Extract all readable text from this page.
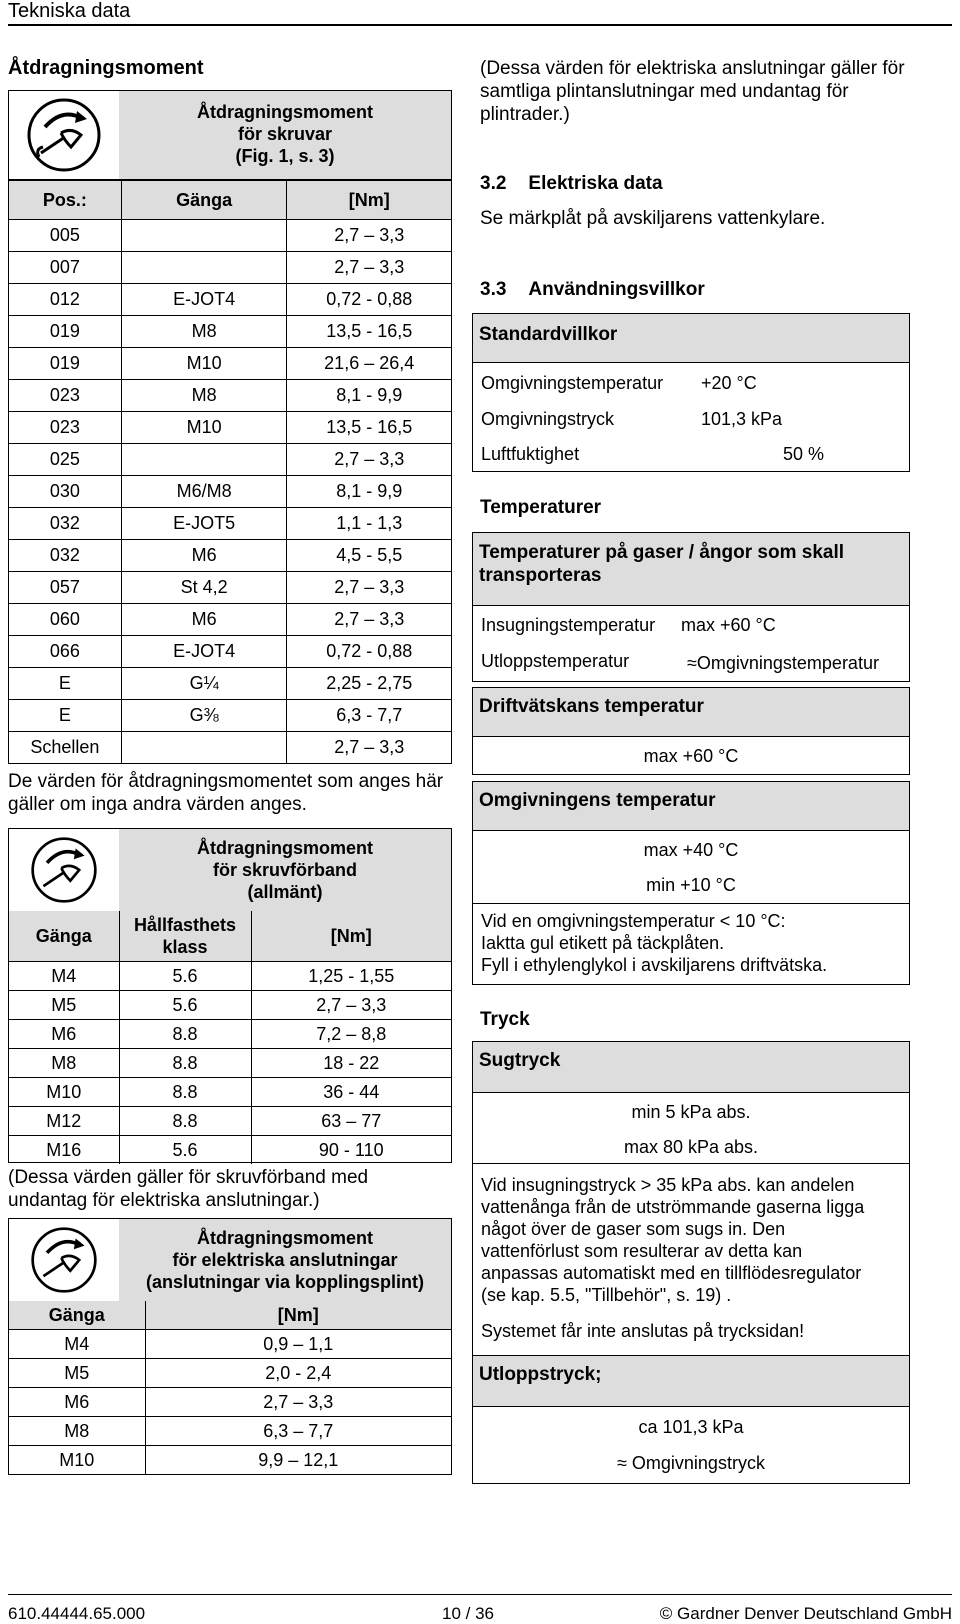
Tekniska data
610.44444.65.000	10 / 36	© Gardner Denver Deutschland GmbH
Åtdragningsmoment
Åtdragningsmoment
för skruvar
(Fig. 1, s. 3)
Pos.:	Gänga	[Nm]
005		2,7 – 3,3
007		2,7 – 3,3
012	E-JOT4	0,72 - 0,88
019	M8	13,5 - 16,5
019	M10	21,6 – 26,4
023	M8	8,1 - 9,9
023	M10	13,5 - 16,5
025		2,7 – 3,3
030	M6/M8	8,1 - 9,9
032	E-JOT5	1,1 - 1,3
032	M6	4,5 - 5,5
057	St 4,2	2,7 – 3,3
060	M6	2,7 – 3,3
066	E-JOT4	0,72 - 0,88
E	G¼	2,25 - 2,75
E	G⅜	6,3 - 7,7
Schellen		2,7 – 3,3

De värden för åtdragningsmomentet som anges här gäller om inga andra värden anges.

Åtdragningsmoment
för skruvförband
(allmänt)
Gänga	Hållfasthets klass	[Nm]
M4	5.6	1,25 - 1,55
M5	5.6	2,7 – 3,3
M6	8.8	7,2 – 8,8
M8	8.8	18 - 22
M10	8.8	36 - 44
M12	8.8	63 – 77
M16	5.6	90 - 110

(Dessa värden gäller för skruvförband med undantag för elektriska anslutningar.)

Åtdragningsmoment
för elektriska anslutningar
(anslutningar via kopplingsplint)
Gänga	[Nm]
M4	0,9 – 1,1
M5	2,0 - 2,4
M6	2,7 – 3,3
M8	6,3 – 7,7
M10	9,9 – 12,1

(Dessa värden för elektriska anslutningar gäller för samtliga plintanslutningar med undantag för plintrader.)

3.2 Elektriska data

Se märkplåt på avskiljarens vattenkylare.

3.3 Användningsvillkor
Standardvillkor
Omgivningstemperatur +20 °C
Omgivningstryck	101,3 kPa
Luftfuktighet	50 %
Temperaturer
Temperaturer på gaser / ångor som skall transporteras
Insugningstemperatur max +60 °C
Utloppstemperatur	≈Omgivningstemperatur
Driftvätskans temperatur
max +60 °C
Omgivningens temperatur
max +40 °C
min +10 °C
Vid en omgivningstemperatur < 10 °C:
Iaktta gul etikett på täckplåten.
Fyll i ethylenglykol i avskiljarens driftvätska.
Tryck
Sugtryck
min 5 kPa abs.
max 80 kPa abs.
Vid insugningstryck > 35 kPa abs. kan andelen
vattenånga från de utströmmande gaserna ligga
något över de gaser som sugs in. Den
vattenförlust som resulterar av detta kan
anpassas automatiskt med en tillflödesregulator
(se kap. 5.5, "Tillbehör", s. 19) .
Systemet får inte anslutas på trycksidan!
Utloppstryck;
ca 101,3 kPa
≈ Omgivningstryck
